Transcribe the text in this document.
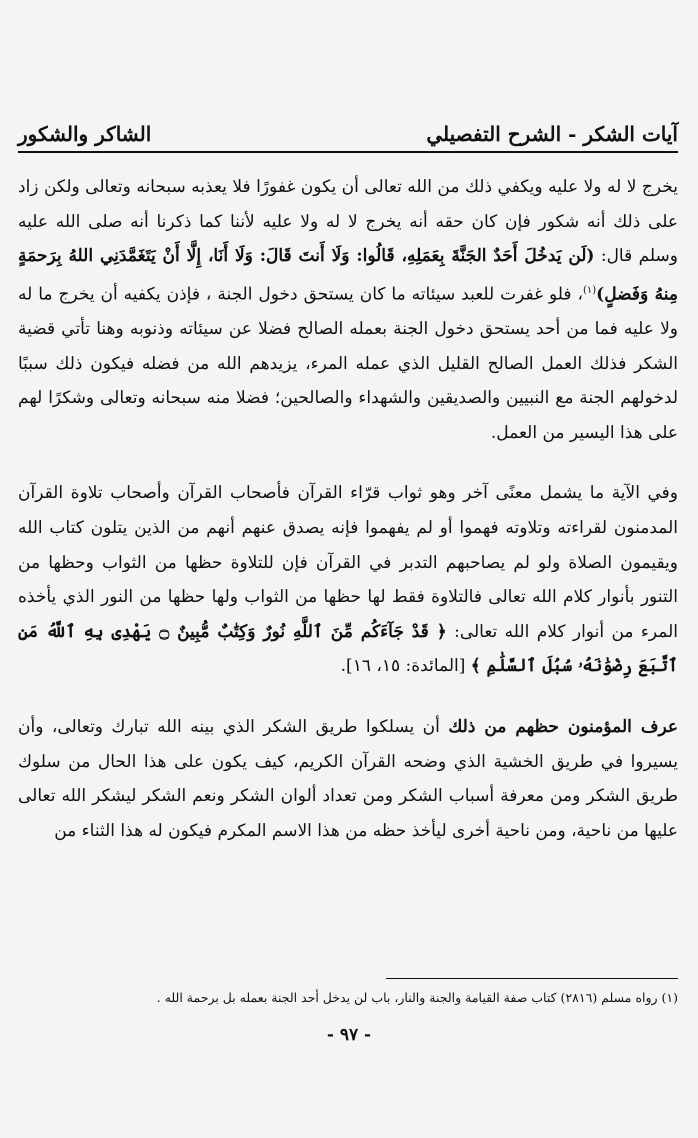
آيات الشكر - الشرح التفصيلي
الشاكر والشكور

يخرج لا له ولا عليه ويكفي ذلك من الله تعالى أن يكون غفورًا فلا يعذبه سبحانه وتعالى ولكن زاد على ذلك أنه شكور فإن كان حقه أنه يخرج لا له ولا عليه لأننا كما ذكرنا أنه صلى الله عليه وسلم قال: (لَن يَدخُلَ أَحَدٌ الجَنَّةَ بِعَمَلِهِ، قَالُوا: وَلَا أَنتَ قَالَ: وَلَا أَنَا، إِلَّا أَنْ يَتَغَمَّدَنِي اللهُ بِرَحمَةٍ مِنهُ وَفَضلٍ)$^{(١)}$، فلو غفرت للعبد سيئاته ما كان يستحق دخول الجنة ، فإذن يكفيه أن يخرج ما له ولا عليه فما من أحد يستحق دخول الجنة بعمله الصالح فضلا عن سيئاته وذنوبه وهنا تأتي قضية الشكر فذلك العمل الصالح القليل الذي عمله المرء، يزيدهم الله من فضله فيكون ذلك سببًا لدخولهم الجنة مع النبيين والصديقين والشهداء والصالحين؛ فضلا منه سبحانه وتعالى وشكرًا لهم على هذا اليسير من العمل.

وفي الآية ما يشمل معنًى آخر وهو ثواب قرّاء القرآن فأصحاب القرآن وأصحاب تلاوة القرآن المدمنون لقراءته وتلاوته فهموا أو لم يفهموا فإنه يصدق عنهم أنهم من الذين يتلون كتاب الله ويقيمون الصلاة ولو لم يصاحبهم التدبر في القرآن فإن للتلاوة حظها من الثواب وحظها من التنور بأنوار كلام الله تعالى فالتلاوة فقط لها حظها من الثواب ولها حظها من النور الذي يأخذه المرء من أنوار كلام الله تعالى: ﴿ قَدْ جَآءَكُم مِّنَ ٱللَّهِ نُورٌ وَكِتَٰبٌ مُّبِينٌ ۝ يَهْدِى بِهِ ٱللَّهُ مَنِ ٱتَّبَعَ رِضْوَٰنَهُۥ سُبُلَ ٱلسَّلَٰمِ ﴾ [المائدة: ١٥، ١٦].

عرف المؤمنون حظهم من ذلك أن يسلكوا طريق الشكر الذي بينه الله تبارك وتعالى، وأن يسيروا في طريق الخشية الذي وضحه القرآن الكريم، كيف يكون على هذا الحال من سلوك طريق الشكر ومن معرفة أسباب الشكر ومن تعداد ألوان الشكر ونعم الشكر ليشكر الله تعالى عليها من ناحية، ومن ناحية أخرى ليأخذ حظه من هذا الاسم المكرم فيكون له هذا الثناء من

(١) رواه مسلم (٢٨١٦) كتاب صفة القيامة والجنة والنار، باب لن يدخل أحد الجنة بعمله بل برحمة الله .
- ٩٧ -
